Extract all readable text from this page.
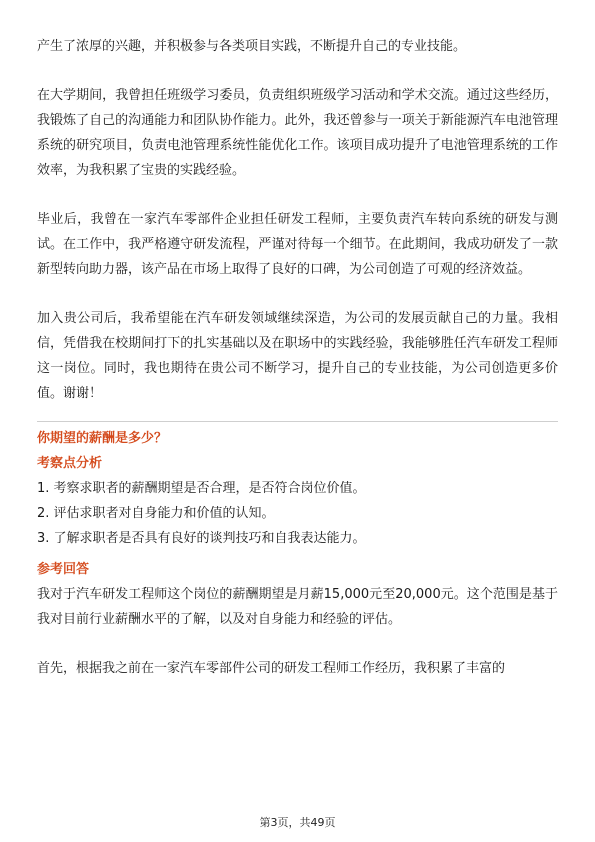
产生了浓厚的兴趣，并积极参与各类项目实践，不断提升自己的专业技能。

在大学期间，我曾担任班级学习委员，负责组织班级学习活动和学术交流。通过这些经历，我锻炼了自己的沟通能力和团队协作能力。此外，我还曾参与一项关于新能源汽车电池管理系统的研究项目，负责电池管理系统性能优化工作。该项目成功提升了电池管理系统的工作效率，为我积累了宝贵的实践经验。

毕业后，我曾在一家汽车零部件企业担任研发工程师，主要负责汽车转向系统的研发与测试。在工作中，我严格遵守研发流程，严谨对待每一个细节。在此期间，我成功研发了一款新型转向助力器，该产品在市场上取得了良好的口碑，为公司创造了可观的经济效益。

加入贵公司后，我希望能在汽车研发领域继续深造，为公司的发展贡献自己的力量。我相信，凭借我在校期间打下的扎实基础以及在职场中的实践经验，我能够胜任汽车研发工程师这一岗位。同时，我也期待在贵公司不断学习，提升自己的专业技能，为公司创造更多价值。谢谢！

你期望的薪酬是多少？

考察点分析

1. 考察求职者的薪酬期望是否合理，是否符合岗位价值。
2. 评估求职者对自身能力和价值的认知。
3. 了解求职者是否具有良好的谈判技巧和自我表达能力。

参考回答

我对于汽车研发工程师这个岗位的薪酬期望是月薪15,000元至20,000元。这个范围是基于我对目前行业薪酬水平的了解，以及对自身能力和经验的评估。

首先，根据我之前在一家汽车零部件公司的研发工程师工作经历，我积累了丰富的

第3页，共49页
